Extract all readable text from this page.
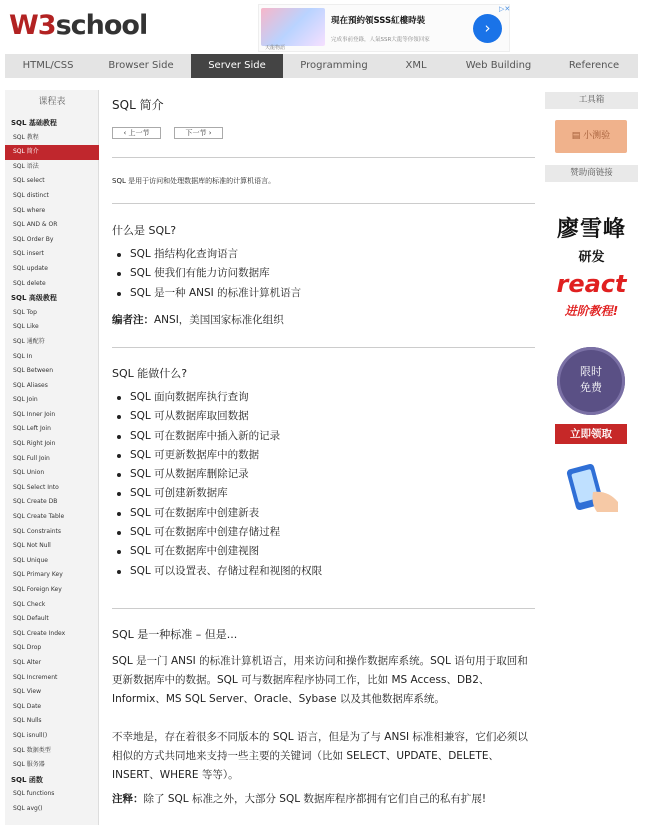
W3school	現在預約領SSS紅樓時裝
完成事前登錄，人氣SSR大龍等你領回家
天龍物語
›
▷✕
HTML/CSS	Browser Side	Server Side	Programming	XML	Web Building	Reference
课程表
SQL 基础教程
SQL 教程
SQL 简介
SQL 语法
SQL select
SQL distinct
SQL where
SQL AND & OR
SQL Order By
SQL insert
SQL update
SQL delete
SQL 高级教程
SQL Top
SQL Like
SQL 通配符
SQL In
SQL Between
SQL Aliases
SQL Join
SQL Inner Join
SQL Left Join
SQL Right Join
SQL Full Join
SQL Union
SQL Select Into
SQL Create DB
SQL Create Table
SQL Constraints
SQL Not Null
SQL Unique
SQL Primary Key
SQL Foreign Key
SQL Check
SQL Default
SQL Create Index
SQL Drop
SQL Alter
SQL Increment
SQL View
SQL Date
SQL Nulls
SQL isnull()
SQL 数据类型
SQL 服务器
SQL 函数
SQL functions
SQL avg()
SQL 简介
‹ 上一节	下一节 ›
SQL 是用于访问和处理数据库的标准的计算机语言。
什么是 SQL?
SQL 指结构化查询语言
SQL 使我们有能力访问数据库
SQL 是一种 ANSI 的标准计算机语言

编者注：ANSI，美国国家标准化组织

SQL 能做什么?
SQL 面向数据库执行查询
SQL 可从数据库取回数据
SQL 可在数据库中插入新的记录
SQL 可更新数据库中的数据
SQL 可从数据库删除记录
SQL 可创建新数据库
SQL 可在数据库中创建新表
SQL 可在数据库中创建存储过程
SQL 可在数据库中创建视图
SQL 可以设置表、存储过程和视图的权限
SQL 是一种标准 – 但是...

SQL 是一门 ANSI 的标准计算机语言，用来访问和操作数据库系统。SQL 语句用于取回和更新数据库中的数据。SQL 可与数据库程序协同工作，比如 MS Access、DB2、Informix、MS SQL Server、Oracle、Sybase 以及其他数据库系统。

不幸地是，存在着很多不同版本的 SQL 语言，但是为了与 ANSI 标准相兼容，它们必须以相似的方式共同地来支持一些主要的关键词（比如 SELECT、UPDATE、DELETE、INSERT、WHERE 等等）。

注释：除了 SQL 标准之外，大部分 SQL 数据库程序都拥有它们自己的私有扩展!

工具箱
▤ 小测验
赞助商链接
廖雪峰
研发
react
进阶教程!
限时
免费
立即领取
